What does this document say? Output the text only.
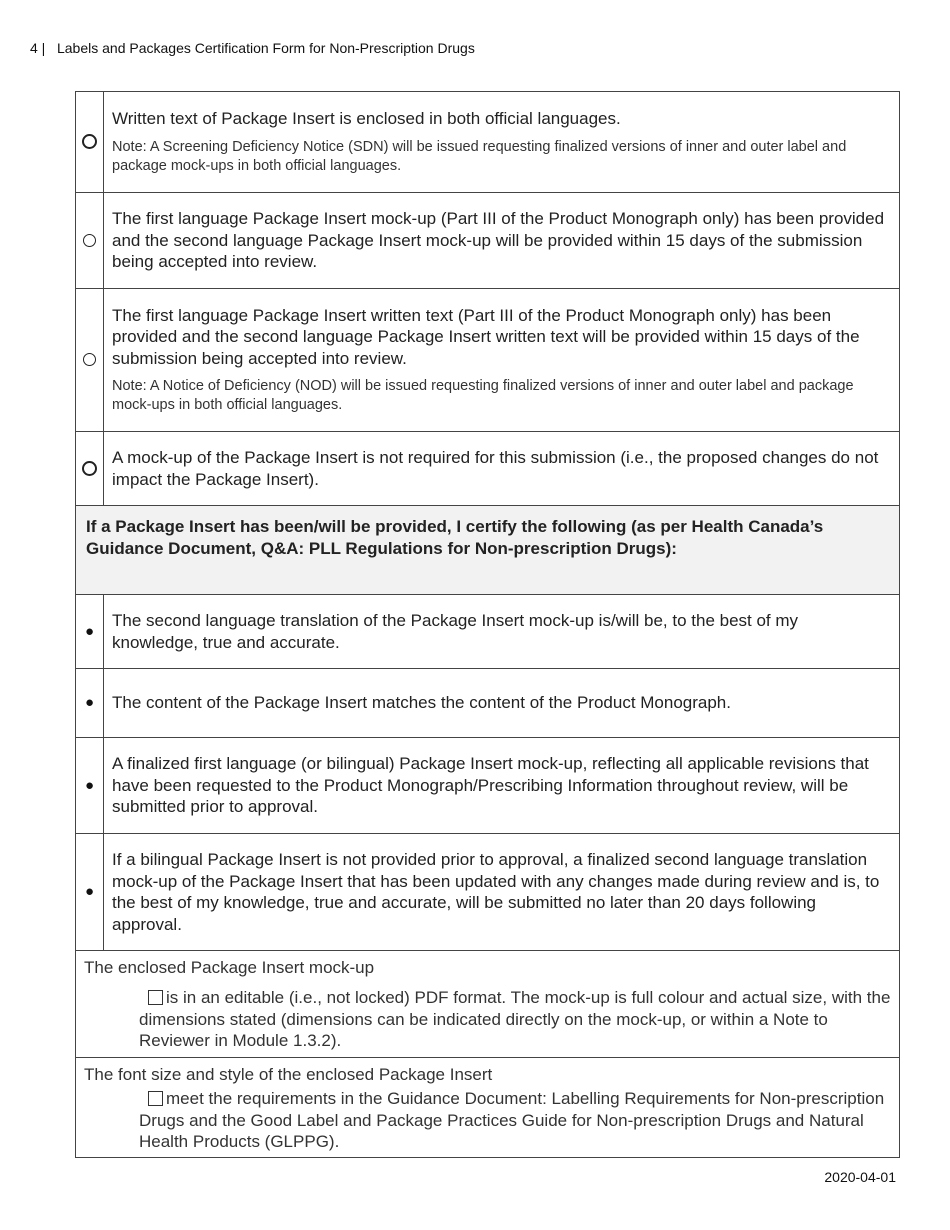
4 | Labels and Packages Certification Form for Non-Prescription Drugs

	Written text of Package Insert is enclosed in both official languages.
Note: A Screening Deficiency Notice (SDN) will be issued requesting finalized versions of inner and outer label and package mock-ups in both official languages.

	The first language Package Insert mock-up (Part III of the Product Monograph only) has been provided and the second language Package Insert mock-up will be provided within 15 days of the submission being accepted into review.

	The first language Package Insert written text (Part III of the Product Monograph only) has been provided and the second language Package Insert written text will be provided within 15 days of the submission being accepted into review.
Note: A Notice of Deficiency (NOD) will be issued requesting finalized versions of inner and outer label and package mock-ups in both official languages.

	A mock-up of the Package Insert is not required for this submission (i.e., the proposed changes do not impact the Package Insert).

If a Package Insert has been/will be provided, I certify the following (as per Health Canada’s Guidance Document, Q&A: PLL Regulations for Non-prescription Drugs):	
●	The second language translation of the Package Insert mock-up is/will be, to the best of my knowledge, true and accurate.

●	The content of the Package Insert matches the content of the Product Monograph.

●	A finalized first language (or bilingual) Package Insert mock-up, reflecting all applicable revisions that have been requested to the Product Monograph/Prescribing Information throughout review, will be submitted prior to approval.

●	If a bilingual Package Insert is not provided prior to approval, a finalized second language translation mock-up of the Package Insert that has been updated with any changes made during review and is, to the best of my knowledge, true and accurate, will be submitted no later than 20 days following approval.

The enclosed Package Insert mock-up
is in an editable (i.e., not locked) PDF format. The mock-up is full colour and actual size, with the dimensions stated (dimensions can be indicated directly on the mock-up, or within a Note to Reviewer in Module 1.3.2).	

The font size and style of the enclosed Package Insert
meet the requirements in the Guidance Document: Labelling Requirements for Non-prescription Drugs and the Good Label and Package Practices Guide for Non-prescription Drugs and Natural Health Products (GLPPG).	
2020-04-01
